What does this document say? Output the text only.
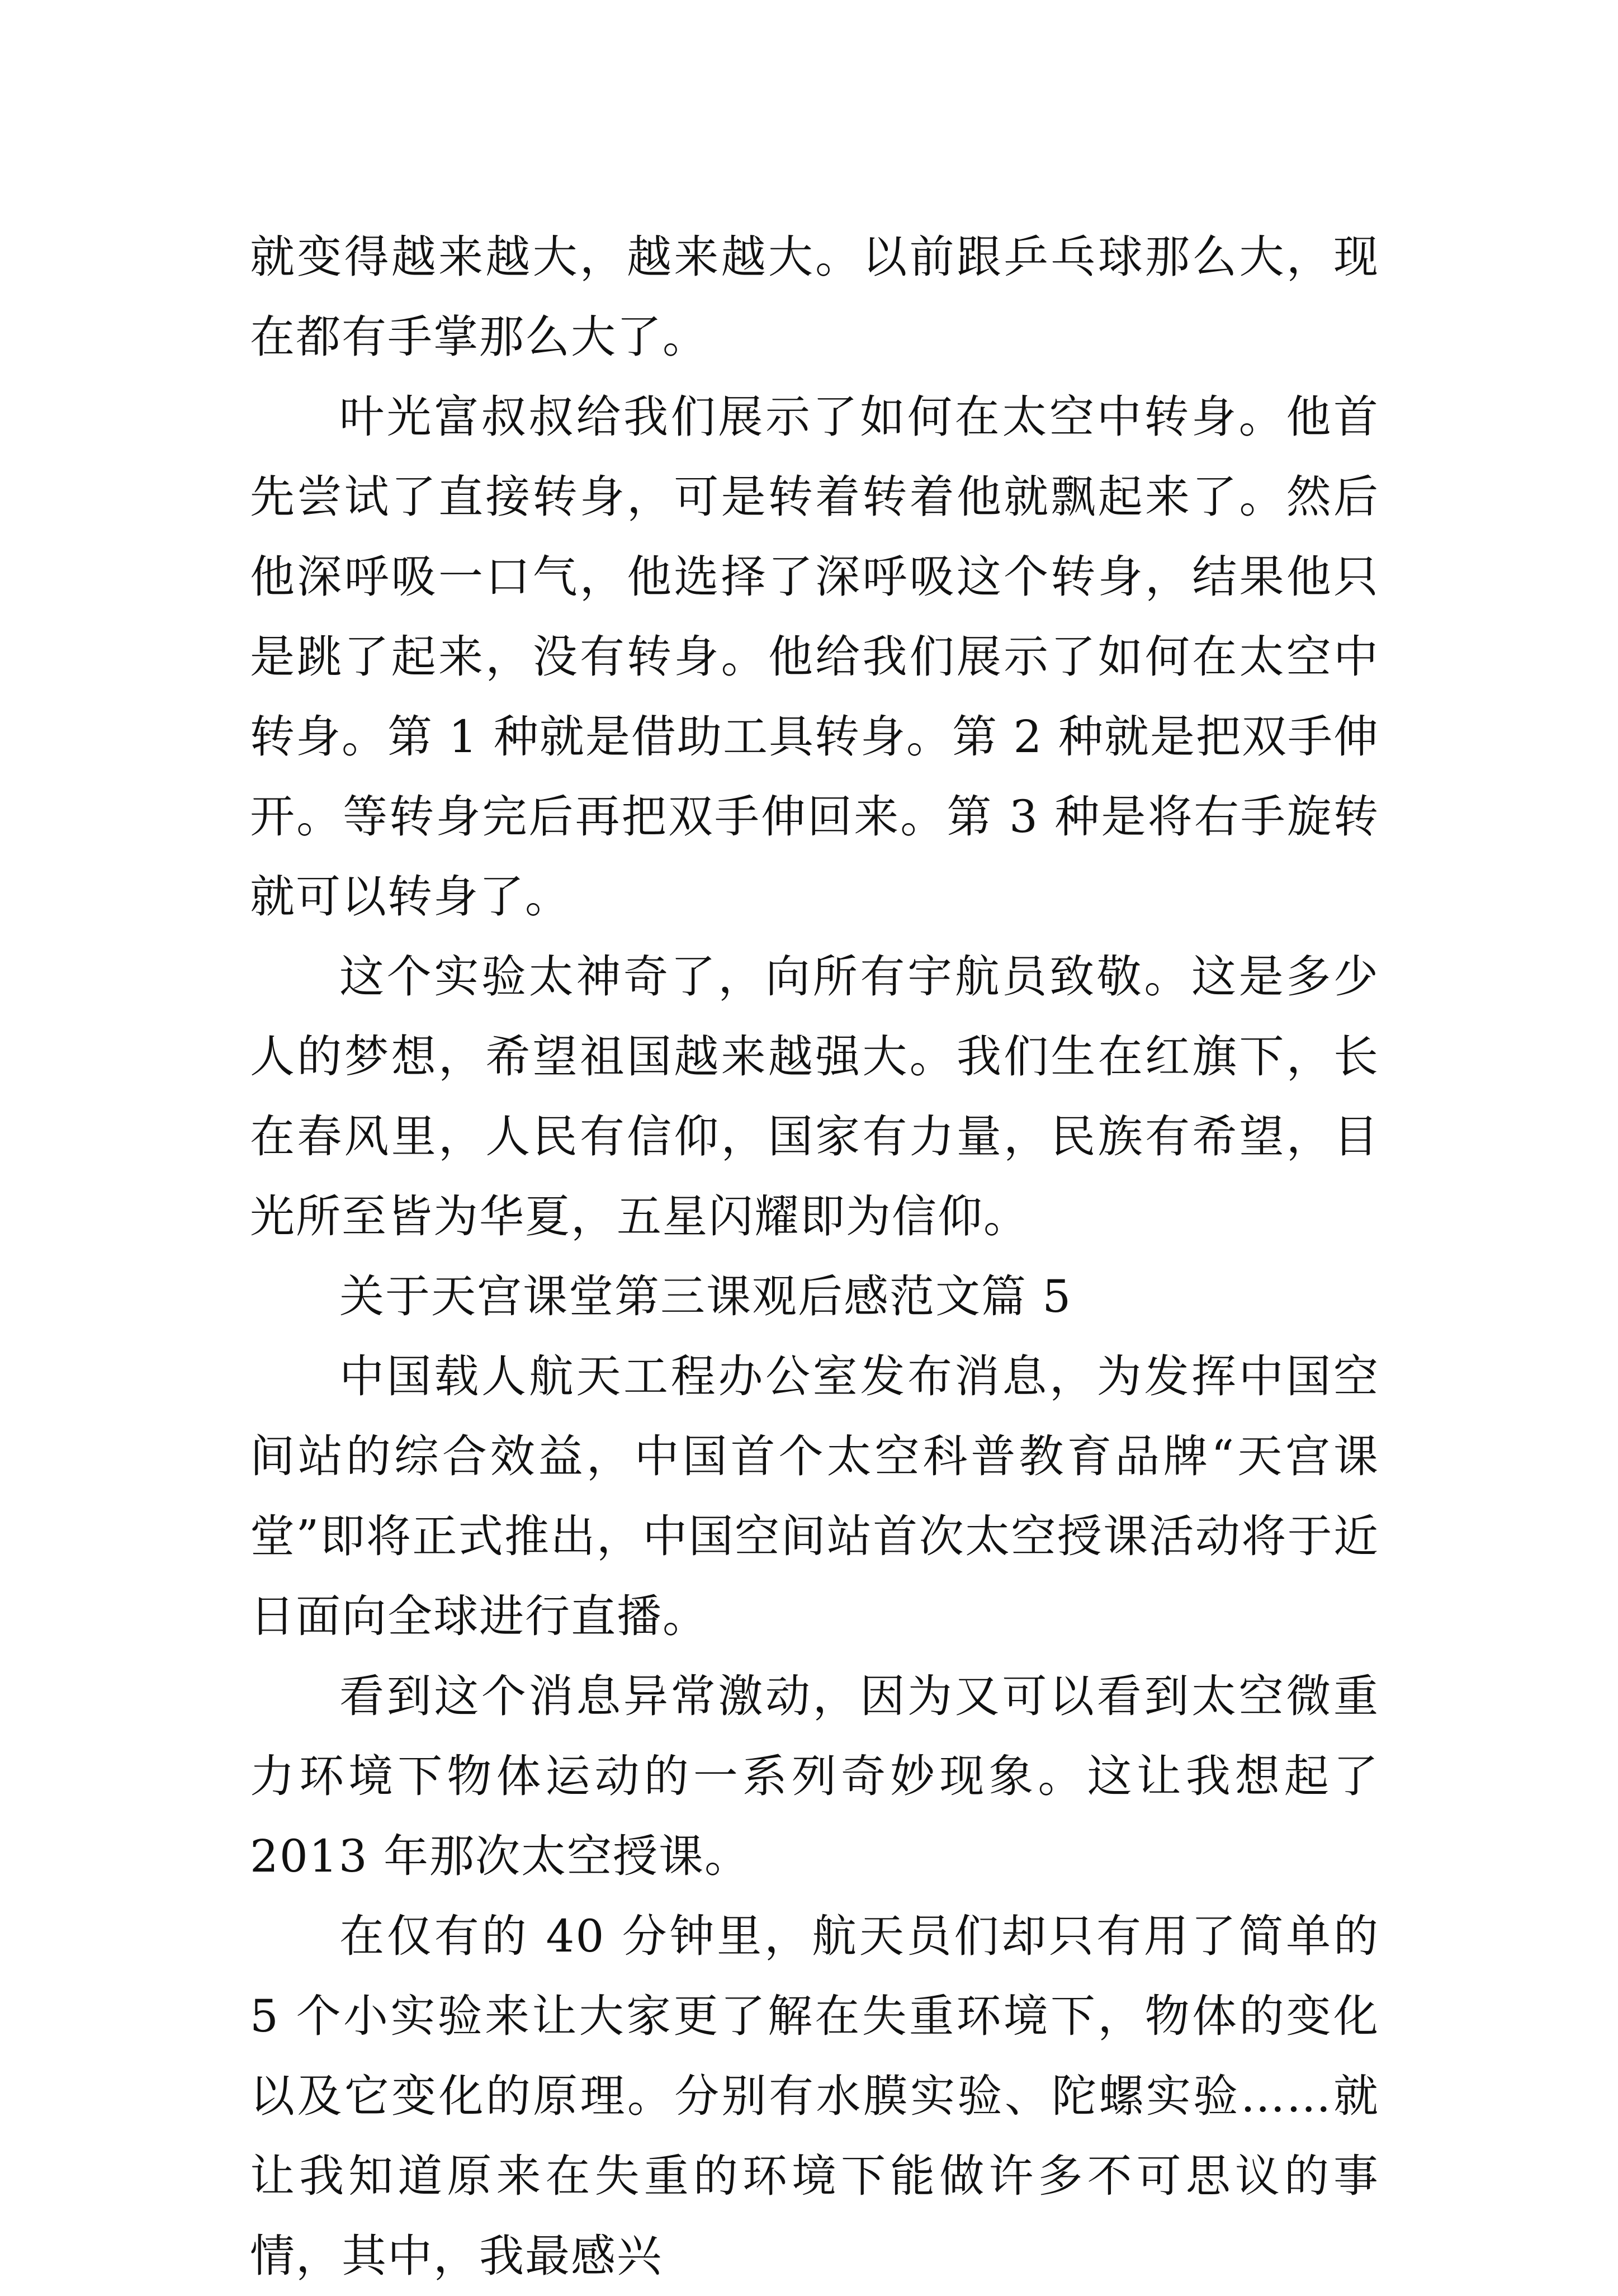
就变得越来越大，越来越大。以前跟乒乓球那么大，现在都有手掌那么大了。

叶光富叔叔给我们展示了如何在太空中转身。他首先尝试了直接转身，可是转着转着他就飘起来了。然后他深呼吸一口气，他选择了深呼吸这个转身，结果他只是跳了起来，没有转身。他给我们展示了如何在太空中转身。第 1 种就是借助工具转身。第 2 种就是把双手伸开。等转身完后再把双手伸回来。第 3 种是将右手旋转就可以转身了。

这个实验太神奇了，向所有宇航员致敬。这是多少人的梦想，希望祖国越来越强大。我们生在红旗下，长在春风里，人民有信仰，国家有力量，民族有希望，目光所至皆为华夏，五星闪耀即为信仰。

关于天宫课堂第三课观后感范文篇 5

中国载人航天工程办公室发布消息，为发挥中国空间站的综合效益，中国首个太空科普教育品牌“天宫课堂”即将正式推出，中国空间站首次太空授课活动将于近日面向全球进行直播。

看到这个消息异常激动，因为又可以看到太空微重力环境下物体运动的一系列奇妙现象。这让我想起了 2013 年那次太空授课。

在仅有的 40 分钟里，航天员们却只有用了简单的 5 个小实验来让大家更了解在失重环境下，物体的变化以及它变化的原理。分别有水膜实验、陀螺实验……就让我知道原来在失重的环境下能做许多不可思议的事情，其中，我最感兴
